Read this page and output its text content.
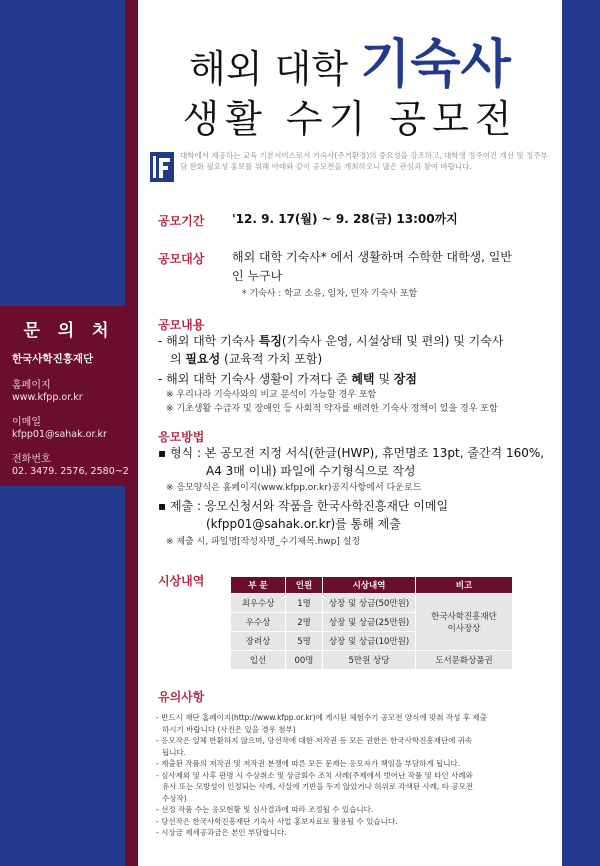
문 의 처
한국사학진흥재단
홈페이지
www.kfpp.or.kr
이메일
kfpp01@sahak.or.kr
전화번호
02. 3479. 2576, 2580~2
해외 대학 기숙사
생활 수기 공모전
대학에서 제공하는 교육 기본서비스로서 기숙사(주거환경)의 중요성을 강조하고, 대학생 정주여건 개선 및 정주부담 완화 필요성 홍보를 위해 아래와 같이 공모전을 개최하오니 많은 관심과 참여 바랍니다.
공모기간 '12. 9. 17(월) ~ 9. 28(금) 13:00까지
공모대상 해외 대학 기숙사* 에서 생활하며 수학한 대학생, 일반
인 누구나
* 기숙사 : 학교 소유, 임차, 민자 기숙사 포함
공모내용
- 해외 대학 기숙사 특징(기숙사 운영, 시설상태 및 편의) 및 기숙사
의 필요성 (교육적 가치 포함)
- 해외 대학 기숙사 생활이 가져다 준 혜택 및 장점
※ 우리나라 기숙사와의 비교 분석이 가능할 경우 포함
※ 기초생활 수급자 및 장애인 등 사회적 약자를 배려한 기숙사 정책이 있을 경우 포함
응모방법
▪ 형식 : 본 공모전 지정 서식(한글(HWP), 휴먼명조 13pt, 줄간격 160%,
A4 3매 이내) 파일에 수기형식으로 작성
※ 응모양식은 홈페이지(www.kfpp.or.kr)공지사항에서 다운로드
▪ 제출 : 응모신청서와 작품을 한국사학진흥재단 이메일
(kfpp01@sahak.or.kr)를 통해 제출
※ 제출 시, 파일명[작성자명_수기제목.hwp] 설정
시상내역	부 문	인원	시상내역	비고
최우수상	1명	상장 및 상금(50만원)	한국사학진흥재단
이사장상

우수상	2명	상장 및 상금(25만원)	
장려상	5명	상장 및 상금(10만원)	
입선	00명	5만원 상당	도서문화상품권
유의사항
- 반드시 재단 홈페이지(http://www.kfpp.or.kr)에 게시된 체험수기 공모전 양식에 맞춰 작성 후 제출
하시기 바랍니다 (사진은 있을 경우 첨부)
- 응모작은 일체 반환하지 않으며, 당선작에 대한 저작권 등 모든 권한은 한국사학진흥재단에 귀속
됩니다.
- 제출된 작품의 저작권 및 저작권 분쟁에 따른 모든 문제는 응모자가 책임을 부담하게 됩니다.
- 심사제외 및 사후 판명 시 수상취소 및 상금회수 조치 사례(주제에서 벗어난 작품 및 타인 사례와
유사 또는 모방성이 인정되는 사례, 사실에 기반을 두지 않았거나 허위로 각색된 사례, 타 공모전
수상작)
- 선정 작품 수는 응모현황 및 심사결과에 따라 조정될 수 있습니다.
- 당선작은 한국사학진흥재단 기숙사 사업 홍보자료로 활용될 수 있습니다.
- 시상금 제세공과금은 본인 부담합니다.
